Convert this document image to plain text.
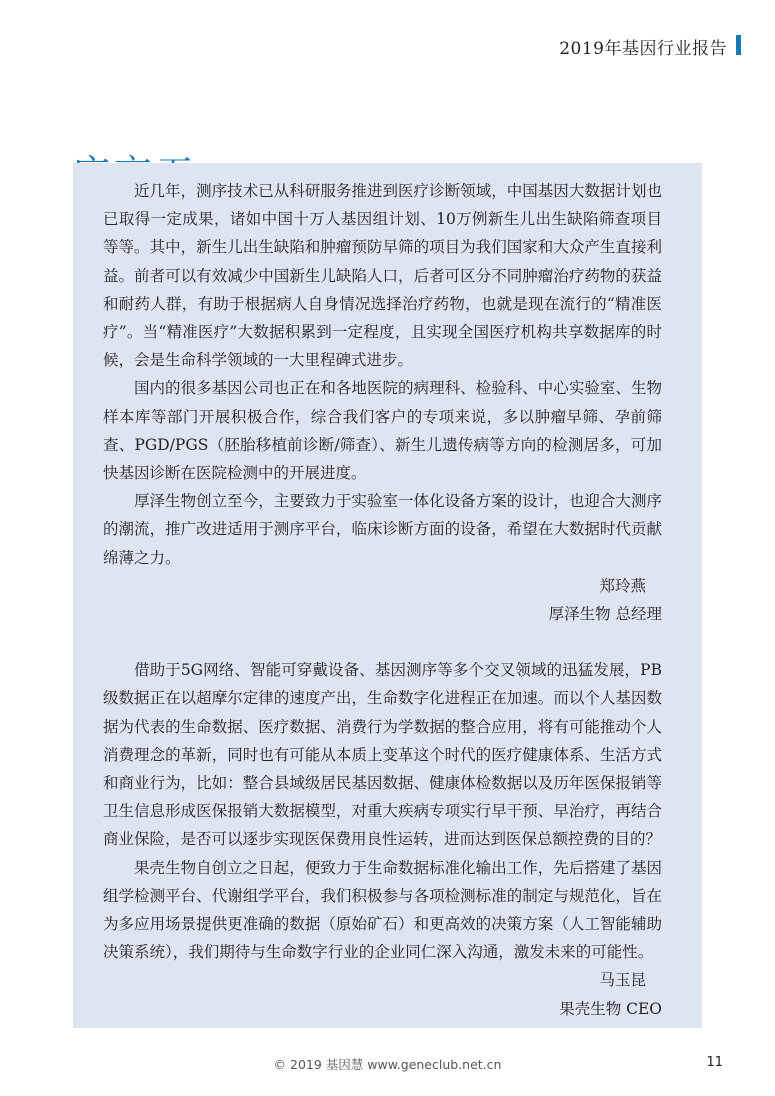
2019年基因行业报告

近几年，测序技术已从科研服务推进到医疗诊断领域，中国基因大数据计划也已取得一定成果，诸如中国十万人基因组计划、10万例新生儿出生缺陷筛查项目等等。其中，新生儿出生缺陷和肿瘤预防早筛的项目为我们国家和大众产生直接利益。前者可以有效减少中国新生儿缺陷人口，后者可区分不同肿瘤治疗药物的获益和耐药人群，有助于根据病人自身情况选择治疗药物，也就是现在流行的“精准医疗”。当“精准医疗”大数据积累到一定程度，且实现全国医疗机构共享数据库的时候，会是生命科学领域的一大里程碑式进步。

国内的很多基因公司也正在和各地医院的病理科、检验科、中心实验室、生物样本库等部门开展积极合作，综合我们客户的专项来说，多以肿瘤早筛、孕前筛查、PGD/PGS（胚胎移植前诊断/筛查）、新生儿遗传病等方向的检测居多，可加快基因诊断在医院检测中的开展进度。

厚泽生物创立至今，主要致力于实验室一体化设备方案的设计，也迎合大测序的潮流，推广改进适用于测序平台，临床诊断方面的设备，希望在大数据时代贡献绵薄之力。

郑玲燕

厚泽生物 总经理

借助于5G网络、智能可穿戴设备、基因测序等多个交叉领域的迅猛发展，PB级数据正在以超摩尔定律的速度产出，生命数字化进程正在加速。而以个人基因数据为代表的生命数据、医疗数据、消费行为学数据的整合应用，将有可能推动个人消费理念的革新，同时也有可能从本质上变革这个时代的医疗健康体系、生活方式和商业行为，比如：整合县域级居民基因数据、健康体检数据以及历年医保报销等卫生信息形成医保报销大数据模型，对重大疾病专项实行早干预、早治疗，再结合商业保险，是否可以逐步实现医保费用良性运转，进而达到医保总额控费的目的？

果壳生物自创立之日起，便致力于生命数据标准化输出工作，先后搭建了基因组学检测平台、代谢组学平台，我们积极参与各项检测标准的制定与规范化，旨在为多应用场景提供更准确的数据（原始矿石）和更高效的决策方案（人工智能辅助决策系统），我们期待与生命数字行业的企业同仁深入沟通，激发未来的可能性。

马玉昆

果壳生物 CEO

© 2019 基因慧 www.geneclub.net.cn	11
